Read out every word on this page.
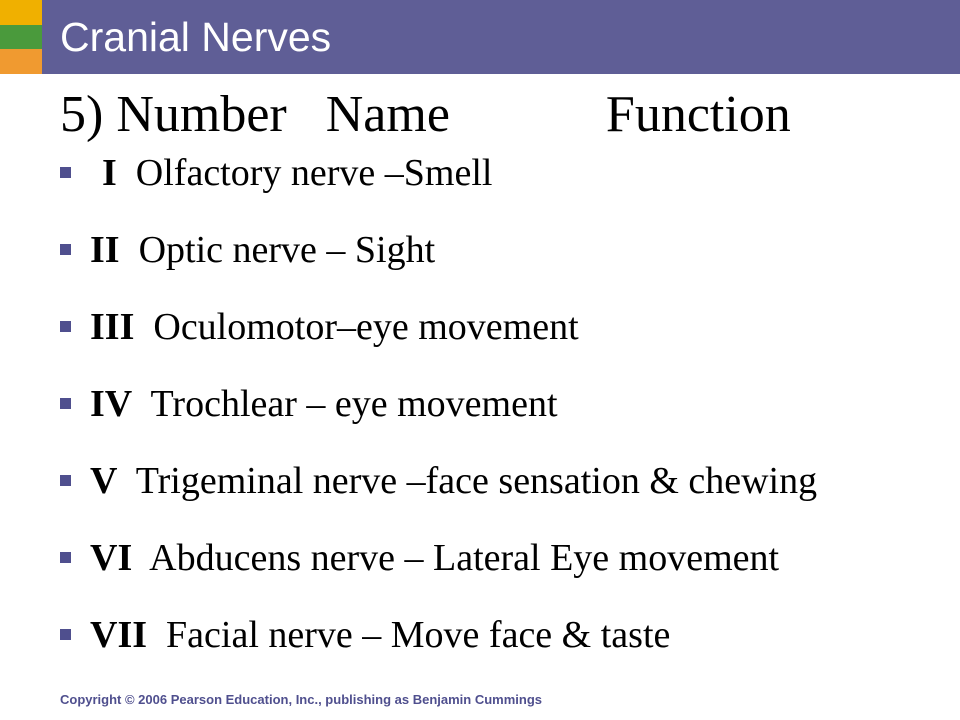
Cranial Nerves
5) Number Name	Function
I  Olfactory nerve –Smell
II  Optic nerve – Sight
III  Oculomotor–eye movement
IV  Trochlear – eye movement
V  Trigeminal nerve –face sensation & chewing
VI  Abducens nerve – Lateral Eye movement
VII  Facial nerve – Move face & taste
Copyright © 2006 Pearson Education, Inc., publishing as Benjamin Cummings
